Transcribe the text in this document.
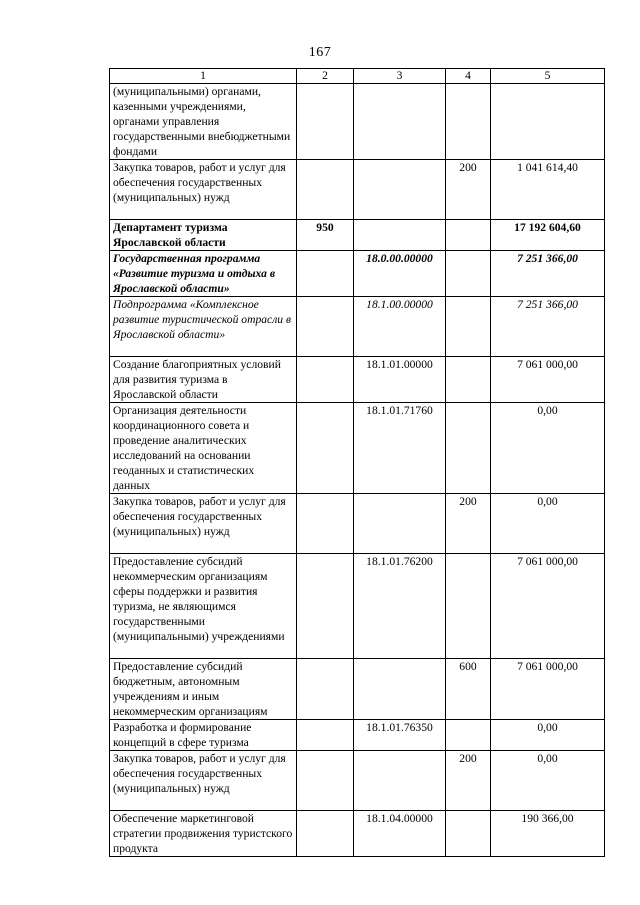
167
1	2	3	4	5
(муниципальными) органами, казенными учреждениями, органами управления государственными внебюджетными фондами				
Закупка товаров, работ и услуг для обеспечения государственных (муниципальных) нужд			200	1 041 614,40
Департамент туризма Ярославской области	950			17 192 604,60
Государственная программа «Развитие туризма и отдыха в Ярославской области»		18.0.00.00000		7 251 366,00
Подпрограмма «Комплексное развитие туристической отрасли в Ярославской области»		18.1.00.00000		7 251 366,00
Создание благоприятных условий для развития туризма в Ярославской области		18.1.01.00000		7 061 000,00
Организация деятельности координационного совета и проведение аналитических исследований на основании геоданных и статистических данных		18.1.01.71760		0,00
Закупка товаров, работ и услуг для обеспечения государственных (муниципальных) нужд			200	0,00
Предоставление субсидий некоммерческим организациям сферы поддержки и развития туризма, не являющимся государственными (муниципальными) учреждениями		18.1.01.76200		7 061 000,00
Предоставление субсидий бюджетным, автономным учреждениям и иным некоммерческим организациям			600	7 061 000,00
Разработка и формирование концепций в сфере туризма		18.1.01.76350		0,00
Закупка товаров, работ и услуг для обеспечения государственных (муниципальных) нужд			200	0,00
Обеспечение маркетинговой стратегии продвижения туристского продукта		18.1.04.00000		190 366,00
